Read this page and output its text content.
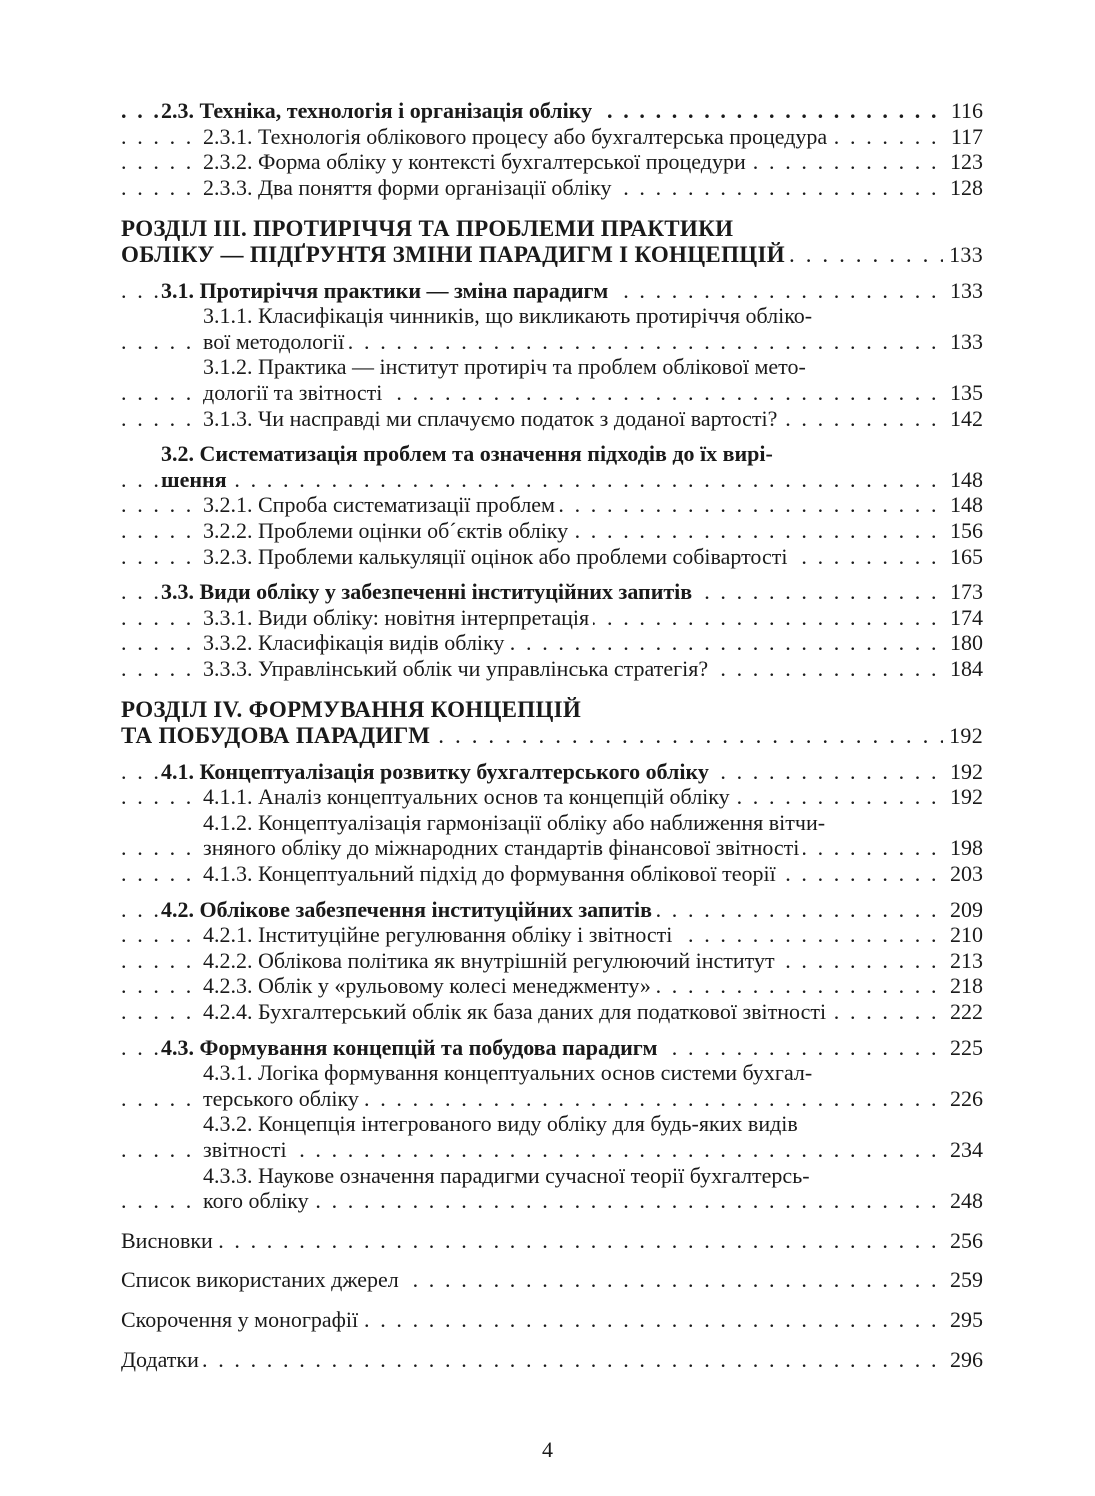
. . .
2.3. Техніка, технологія і організація обліку	116
. . .
2.3.1. Технологія облікового процесу або бухгалтерська процедура	117
. . .
2.3.2. Форма обліку у контексті бухгалтерської процедури	123
. . .
2.3.3. Два поняття форми організації обліку	128
РОЗДІЛ III. ПРОТИРІЧЧЯ ТА ПРОБЛЕМИ ПРАКТИКИ
. . .
ОБЛІКУ — ПІДҐРУНТЯ ЗМІНИ ПАРАДИГМ І КОНЦЕПЦІЙ	133
. . .
3.1. Протиріччя практики — зміна парадигм	133
3.1.1. Класифікація чинників, що викликають протиріччя обліко-
. . .
вої методології	133
3.1.2. Практика — інститут протиріч та проблем облікової мето-
. . .
дології та звітності	135
. . .
3.1.3. Чи насправді ми сплачуємо податок з доданої вартості?	142
3.2. Систематизація проблем та означення підходів до їх вирі-
. . .
шення	148
. . .
3.2.1. Спроба систематизації проблем	148
. . .
3.2.2. Проблеми оцінки об´єктів обліку	156
. . .
3.2.3. Проблеми калькуляції оцінок або проблеми собівартості	165
. . .
3.3. Види обліку у забезпеченні інституційних запитів	173
. . .
3.3.1. Види обліку: новітня інтерпретація	174
. . .
3.3.2. Класифікація видів обліку	180
. . .
3.3.3. Управлінський облік чи управлінська стратегія?	184
РОЗДІЛ IV. ФОРМУВАННЯ КОНЦЕПЦІЙ
. . .
ТА ПОБУДОВА ПАРАДИГМ	192
. . .
4.1. Концептуалізація розвитку бухгалтерського обліку	192
. . .
4.1.1. Аналіз концептуальних основ та концепцій обліку	192
4.1.2. Концептуалізація гармонізації обліку або наближення вітчи-
. . .
зняного обліку до міжнародних стандартів фінансової звітності	198
. . .
4.1.3. Концептуальний підхід до формування облікової теорії	203
. . .
4.2. Облікове забезпечення інституційних запитів	209
. . .
4.2.1. Інституційне регулювання обліку і звітності	210
. . .
4.2.2. Облікова політика як внутрішній регулюючий інститут	213
. . .
4.2.3. Облік у «рульовому колесі менеджменту»	218
. . .
4.2.4. Бухгалтерський облік як база даних для податкової звітності	222
. . .
4.3. Формування концепцій та побудова парадигм	225
4.3.1. Логіка формування концептуальних основ системи бухгал-
. . .
терського обліку	226
4.3.2. Концепція інтегрованого виду обліку для будь-яких видів
. . .
звітності	234
4.3.3. Наукове означення парадигми сучасної теорії бухгалтерсь-
. . .
кого обліку	248
. . .
Висновки	256
. . .
Список використаних джерел	259
. . .
Скорочення у монографії	295
. . .
Додатки	296
4
